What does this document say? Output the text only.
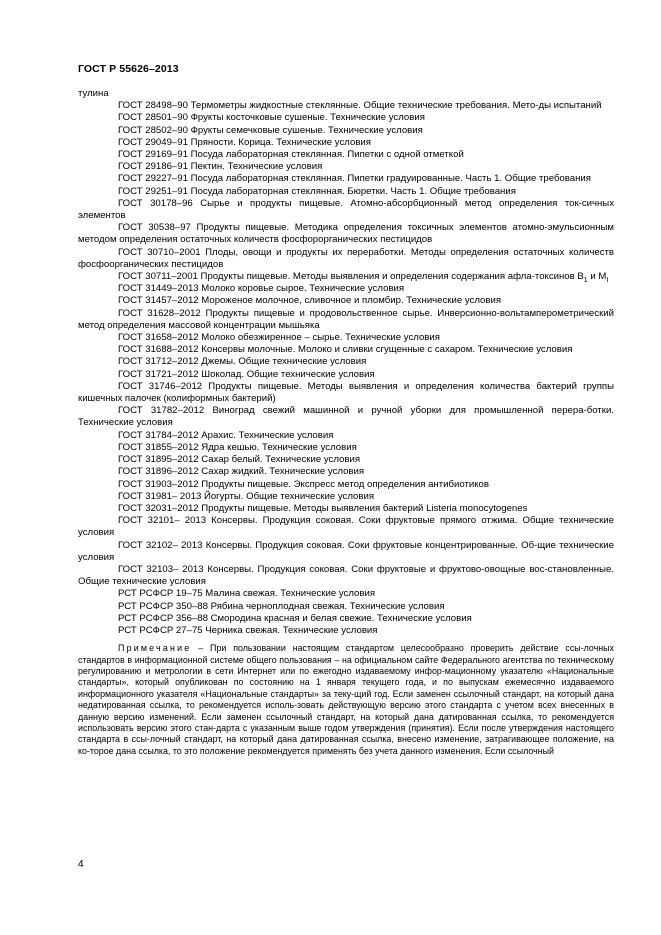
ГОСТ Р 55626–2013

тулина

ГОСТ 28498–90 Термометры жидкостные стеклянные. Общие технические требования. Мето-ды испытаний

ГОСТ 28501–90 Фрукты косточковые сушеные. Технические условия

ГОСТ 28502–90 Фрукты семечковые сушеные. Технические условия

ГОСТ 29049–91 Пряности. Корица. Технические условия

ГОСТ 29169–91 Посуда лабораторная стеклянная. Пипетки с одной отметкой

ГОСТ 29186–91 Пектин. Технические условия

ГОСТ 29227–91 Посуда лабораторная стеклянная. Пипетки градуированные. Часть 1. Общие требования

ГОСТ 29251–91 Посуда лабораторная стеклянная. Бюретки. Часть 1. Общие требования

ГОСТ 30178–96 Сырье и продукты пищевые. Атомно-абсорбционный метод определения ток-сичных элементов

ГОСТ 30538–97 Продукты пищевые. Методика определения токсичных элементов атомно-эмульсионным методом определения остаточных количеств фосфорорганических пестицидов

ГОСТ 30710–2001 Плоды, овощи и продукты их переработки. Методы определения остаточных количеств фосфоорганических пестицидов

ГОСТ 30711–2001 Продукты пищевые. Методы выявления и определения содержания афла-токсинов $B_1$ и $M_I$

ГОСТ 31449–2013 Молоко коровье сырое. Технические условия

ГОСТ 31457–2012 Мороженое молочное, сливочное и пломбир. Технические условия

ГОСТ 31628–2012 Продукты пищевые и продовольственное сырье. Инверсионно-вольтамперометрический метод определения массовой концентрации мышьяка

ГОСТ 31658–2012 Молоко обезжиренное – сырье. Технические условия

ГОСТ 31688–2012 Консервы молочные. Молоко и сливки сгущенные с сахаром. Технические условия

ГОСТ 31712–2012 Джемы. Общие технические условия

ГОСТ 31721–2012 Шоколад. Общие технические условия

ГОСТ 31746–2012 Продукты пищевые. Методы выявления и определения количества бактерий группы кишечных палочек (колиформных бактерий)

ГОСТ 31782–2012 Виноград свежий машинной и ручной уборки для промышленной перера-ботки. Технические условия

ГОСТ 31784–2012 Арахис. Технические условия

ГОСТ 31855–2012 Ядра кешью. Технические условия

ГОСТ 31895–2012 Сахар белый. Технические условия

ГОСТ 31896–2012 Сахар жидкий. Технические условия

ГОСТ 31903–2012 Продукты пищевые. Экспресс метод определения антибиотиков

ГОСТ 31981– 2013 Йогурты. Общие технические условия

ГОСТ 32031–2012 Продукты пищевые. Методы выявления бактерий Listeria monocytogenes

ГОСТ 32101– 2013 Консервы. Продукция соковая. Соки фруктовые прямого отжима. Общие технические условия

ГОСТ 32102– 2013 Консервы. Продукция соковая. Соки фруктовые концентрированные. Об-щие технические условия

ГОСТ 32103– 2013 Консервы. Продукция соковая. Соки фруктовые и фруктово-овощные вос-становленные. Общие технические условия

РСТ РСФСР 19–75 Малина свежая. Технические условия

РСТ РСФСР 350–88 Рябина черноплодная свежая. Технические условия

РСТ РСФСР 356–88 Смородина красная и белая свежие. Технические условия

РСТ РСФСР 27–75 Черника свежая. Технические условия

Примечание – При пользовании настоящим стандартом целесообразно проверить действие ссы-лочных стандартов в информационной системе общего пользования – на официальном сайте Федерального агентства по техническому регулированию и метрологии в сети Интернет или по ежегодно издаваемому инфор-мационному указателю «Национальные стандарты», который опубликован по состоянию на 1 января текущего года, и по выпускам ежемесячно издаваемого информационного указателя «Национальные стандарты» за теку-щий год. Если заменен ссылочный стандарт, на который дана недатированная ссылка, то рекомендуется исполь-зовать действующую версию этого стандарта с учетом всех внесенных в данную версию изменений. Если заменен ссылочный стандарт, на который дана датированная ссылка, то рекомендуется использовать версию этого стан-дарта с указанным выше годом утверждения (принятия). Если после утверждения настоящего стандарта в ссы-лочный стандарт, на который дана датированная ссылка, внесено изменение, затрагивающее положение, на ко-торое дана ссылка, то это положение рекомендуется применять без учета данного изменения. Если ссылочный

4
